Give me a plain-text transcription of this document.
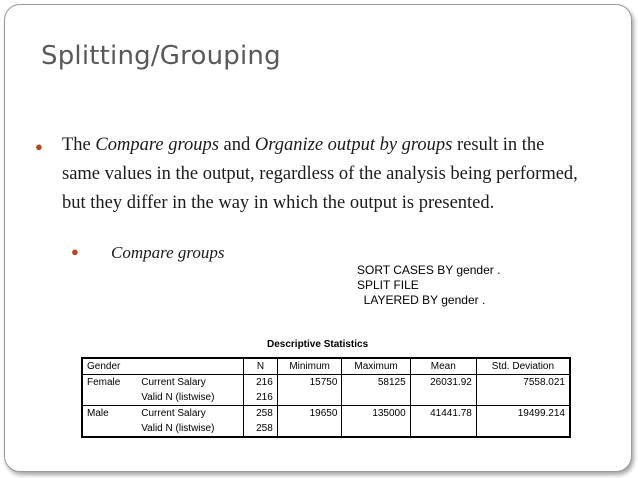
Splitting/Grouping
●	The Compare groups and Organize output by groups result in the same values in the output, regardless of the analysis being performed, but they differ in the way in which the output is presented.
● Compare groups
SORT CASES BY gender .
SPLIT FILE
LAYERED BY gender .
Descriptive Statistics
Gender		N	Minimum	Maximum	Mean	Std. Deviation
Female	Current Salary	216	15750	58125	26031.92	7558.021
	Valid N (listwise)	216				
Male	Current Salary	258	19650	135000	41441.78	19499.214
	Valid N (listwise)	258				
